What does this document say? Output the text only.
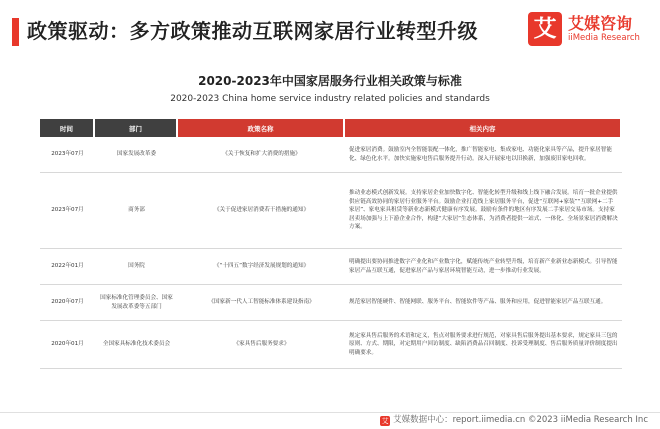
政策驱动：多方政策推动互联网家居行业转型升级 艾 艾媒咨询
iiMedia Research
2020-2023年中国家居服务行业相关政策与标准
2020-2023 China home service industry related policies and standards
时间	部门	政策名称	相关内容
2023年07月	国家发展改革委	《关于恢复和扩大消费的措施》	促进家居消费。鼓励室内全智能装配一体化，推广智能家电、集成家电、功能化家具等产品，提升家居智能化、绿色化水平。加快实施家电售后服务提升行动。深入开展家电以旧换新，加强废旧家电回收。
2023年07月	商务部	《关于促进家居消费若干措施的通知》	推动业态模式创新发展。支持家居企业加快数字化、智能化转型升级和线上线下融合发展。培育一批企业提供供应链高效协同的家居行业服务平台。鼓励企业打造线上家居服务平台，促进“互联网+家装”“互联网+二手家居”、家电家具租赁等新业态新模式健康有序发展。鼓励有条件的地区有序发展二手家居交易市场。支持家居卖场加强与上下游企业合作，构建“大家居”生态体系，为消费者提供一站式、一体化、全场景家居消费解决方案。
2022年01月	国务院	《“十四五”数字经济发展规划的通知》	明确提出要协同推进数字产业化和产业数字化，赋能传统产业转型升级，培育新产业新业态新模式。引导智能家居产品互联互通，促进家居产品与家居环境智能互动，进一步推动行业发展。
2020年07月	国家标准化管理委员会、国家发展改革委等五部门	《国家新一代人工智能标准体系建设指南》	规范家居智能硬件、智能网联、服务平台、智能软件等产品、服务和应用，促进智能家居产品互联互通。
2020年01月	全国家具标准化技术委员会	《家具售后服务要求》	规定家具售后服务的术语和定义，售点对服务要求进行规范，对家具售后服务提出基本要求，规定家具三包的原则、方式、期限，对定期用户回访制度、缺陷消费品召回制度、投诉受理制度、售后服务质量评价制度提出明确要求。
艾 艾媒数据中心：report.iimedia.cn ©2023 iiMedia Research Inc
